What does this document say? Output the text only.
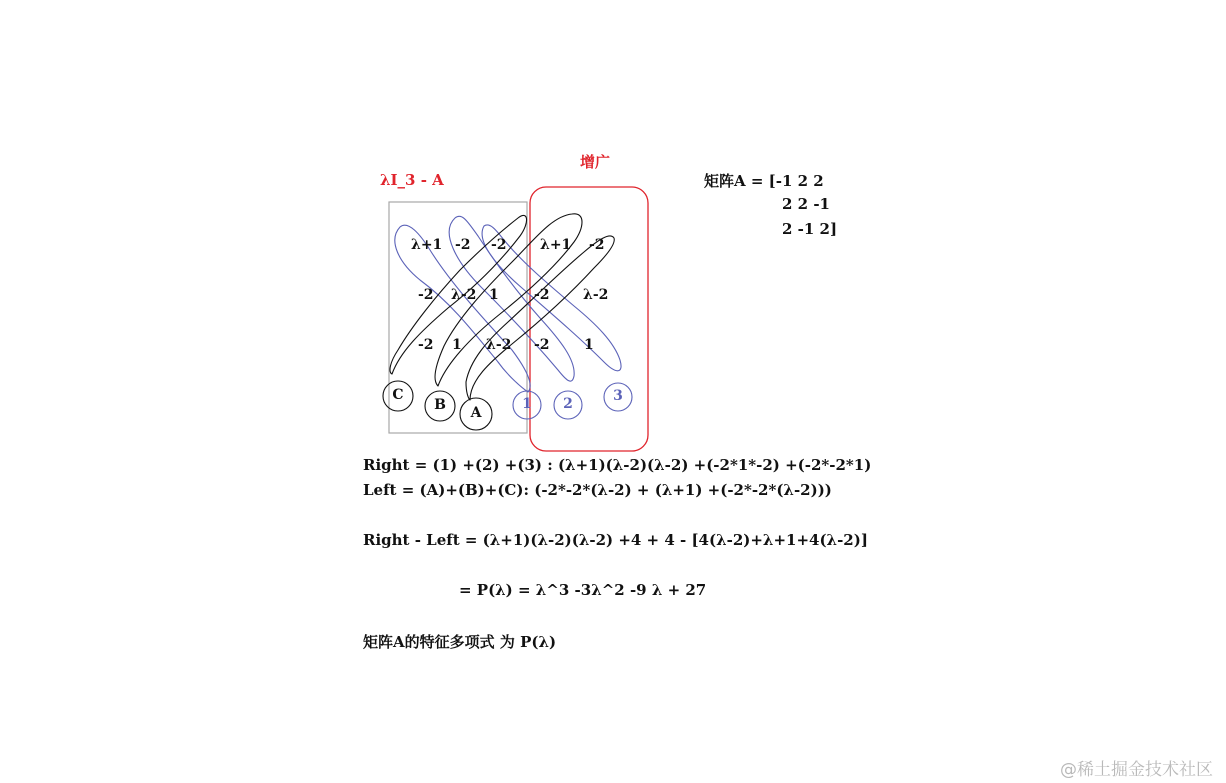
λI_3 - A
增广
矩阵A = [-1 2 2
2 2 -1
2 -1 2]
λ+1 -2 -2 λ+1 -2
-2 λ-2 1	-2 λ-2
-2 1 λ-2 -2 1
C
B A
1 2	3
Right = (1) +(2) +(3) : (λ+1)(λ-2)(λ-2) +(-2*1*-2) +(-2*-2*1)
Left = (A)+(B)+(C): (-2*-2*(λ-2) + (λ+1) +(-2*-2*(λ-2)))
Right - Left = (λ+1)(λ-2)(λ-2) +4 + 4 - [4(λ-2)+λ+1+4(λ-2)]
= P(λ) = λ^3 -3λ^2 -9 λ + 27
矩阵A的特征多项式 为 P(λ)
@稀土掘金技术社区
